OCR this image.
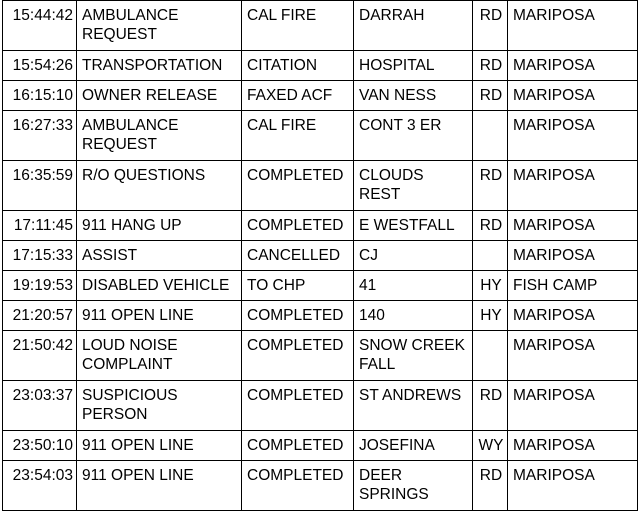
15:44:42	AMBULANCE REQUEST	CAL FIRE	DARRAH	RD	MARIPOSA
15:54:26	TRANSPORTATION	CITATION	HOSPITAL	RD	MARIPOSA
16:15:10	OWNER RELEASE	FAXED ACF	VAN NESS	RD	MARIPOSA
16:27:33	AMBULANCE REQUEST	CAL FIRE	CONT 3 ER		MARIPOSA
16:35:59	R/O QUESTIONS	COMPLETED	CLOUDS REST	RD	MARIPOSA
17:11:45	911 HANG UP	COMPLETED	E WESTFALL	RD	MARIPOSA
17:15:33	ASSIST	CANCELLED	CJ		MARIPOSA
19:19:53	DISABLED VEHICLE	TO CHP	41	HY	FISH CAMP
21:20:57	911 OPEN LINE	COMPLETED	140	HY	MARIPOSA
21:50:42	LOUD NOISE COMPLAINT	COMPLETED	SNOW CREEK FALL		MARIPOSA
23:03:37	SUSPICIOUS PERSON	COMPLETED	ST ANDREWS	RD	MARIPOSA
23:50:10	911 OPEN LINE	COMPLETED	JOSEFINA	WY	MARIPOSA
23:54:03	911 OPEN LINE	COMPLETED	DEER SPRINGS	RD	MARIPOSA
